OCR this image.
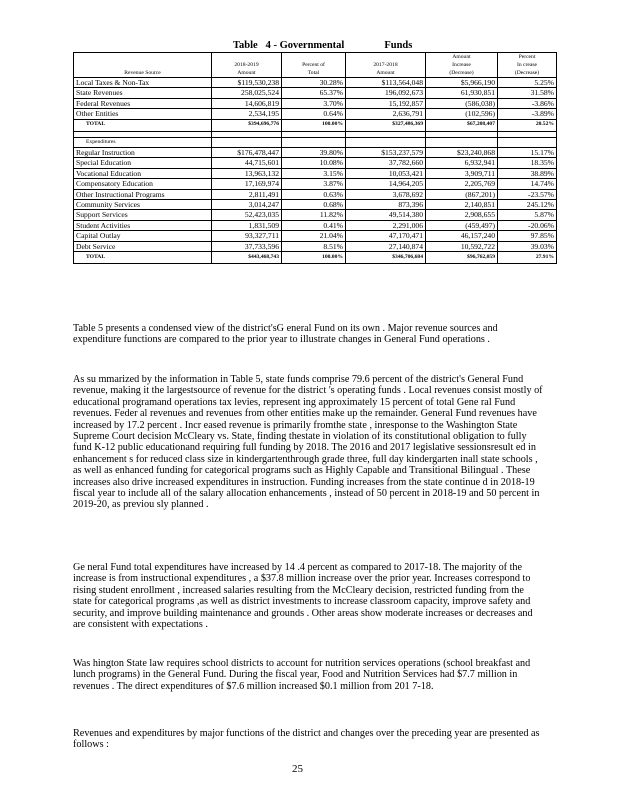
Table   4 - Governmental	Funds
				Amount	Percent
	2018-2019	Percent of	2017-2018	Increase	In crease
Revenue Source	Amount	Total	Amount	(Decrease)	(Decrease)
Local Taxes & Non-Tax	$119,530,238	30.28%	$113,564,048	$5,966,190	5.25%
State Revenues	258,025,524	65.37%	196,092,673	61,930,851	31.58%
Federal Revenues	14,606,819	3.70%	15,192,857	(586,038)	-3.86%
Other Entities	2,534,195	0.64%	2,636,791	(102,596)	-3.89%
TOTAL	$394,696,776	100.00%	$327,486,369	$67,208,407	20.52%

Expenditures					
Regular Instruction	$176,478,447	39.80%	$153,237,579	$23,240,868	15.17%
Special Education	44,715,601	10.08%	37,782,660	6,932,941	18.35%
Vocational Education	13,963,132	3.15%	10,053,421	3,909,711	38.89%
Compensatory Education	17,169,974	3.87%	14,964,205	2,205,769	14.74%
Other Instructional Programs	2,811,491	0.63%	3,678,692	(867,201)	-23.57%
Community Services	3,014,247	0.68%	873,396	2,140,851	245.12%
Support Services	52,423,035	11.82%	49,514,380	2,908,655	5.87%
Student Activities	1,831,509	0.41%	2,291,006	(459,497)	-20.06%
Capital Outlay	93,327,711	21.04%	47,170,471	46,157,240	97.85%
Debt Service	37,733,596	8.51%	27,140,874	10,592,722	39.03%
TOTAL	$443,468,743	100.00%	$346,706,684	$96,762,059	27.91%

Table 5 presents a condensed view of the district'sG eneral Fund on its own . Major revenue sources and expenditure functions are compared to the prior year to illustrate changes in General Fund operations .

As su mmarized by the information in Table 5, state funds comprise 79.6 percent of the district's General Fund revenue, making it the largestsource of revenue for the district 's operating funds . Local revenues consist mostly of educational programand operations tax levies, represent ing approximately 15 percent of total Gene ral Fund revenues. Feder al revenues and revenues from other entities make up the remainder. General Fund revenues have increased by 17.2 percent . Incr eased revenue is primarily fromthe state , inresponse to the Washington State Supreme Court decision McCleary vs. State, finding thestate in violation of its constitutional obligation to fully fund K-12 public educationand requiring full funding by 2018. The 2016 and 2017 legislative sessionsresult ed in enhancement s for reduced class size in kindergartenthrough grade three, full day kindergarten inall state schools , as well as enhanced funding for categorical programs such as Highly Capable and Transitional Bilingual . These increases also drive increased expenditures in instruction. Funding increases from the state continue d in 2018-19 fiscal year to include all of the salary allocation enhancements , instead of 50 percent in 2018-19 and 50 percent in 2019-20, as previou sly planned .

Ge neral Fund total expenditures have increased by 14 .4 percent as compared to 2017-18. The majority of the increase is from instructional expenditures , a $37.8 million increase over the prior year. Increases correspond to rising student enrollment , increased salaries resulting from the McCleary decision, restricted funding from the state for categorical programs ,as well as district investments to increase classroom capacity, improve safety and security, and improve building maintenance and grounds . Other areas show moderate increases or decreases and are consistent with expectations .

Was hington State law requires school districts to account for nutrition services operations (school breakfast and lunch programs) in the General Fund. During the fiscal year, Food and Nutrition Services had $7.7 million in revenues . The direct expenditures of $7.6 million increased $0.1 million from 201 7-18.

Revenues and expenditures by major functions of the district and changes over the preceding year are presented as follows :

25
